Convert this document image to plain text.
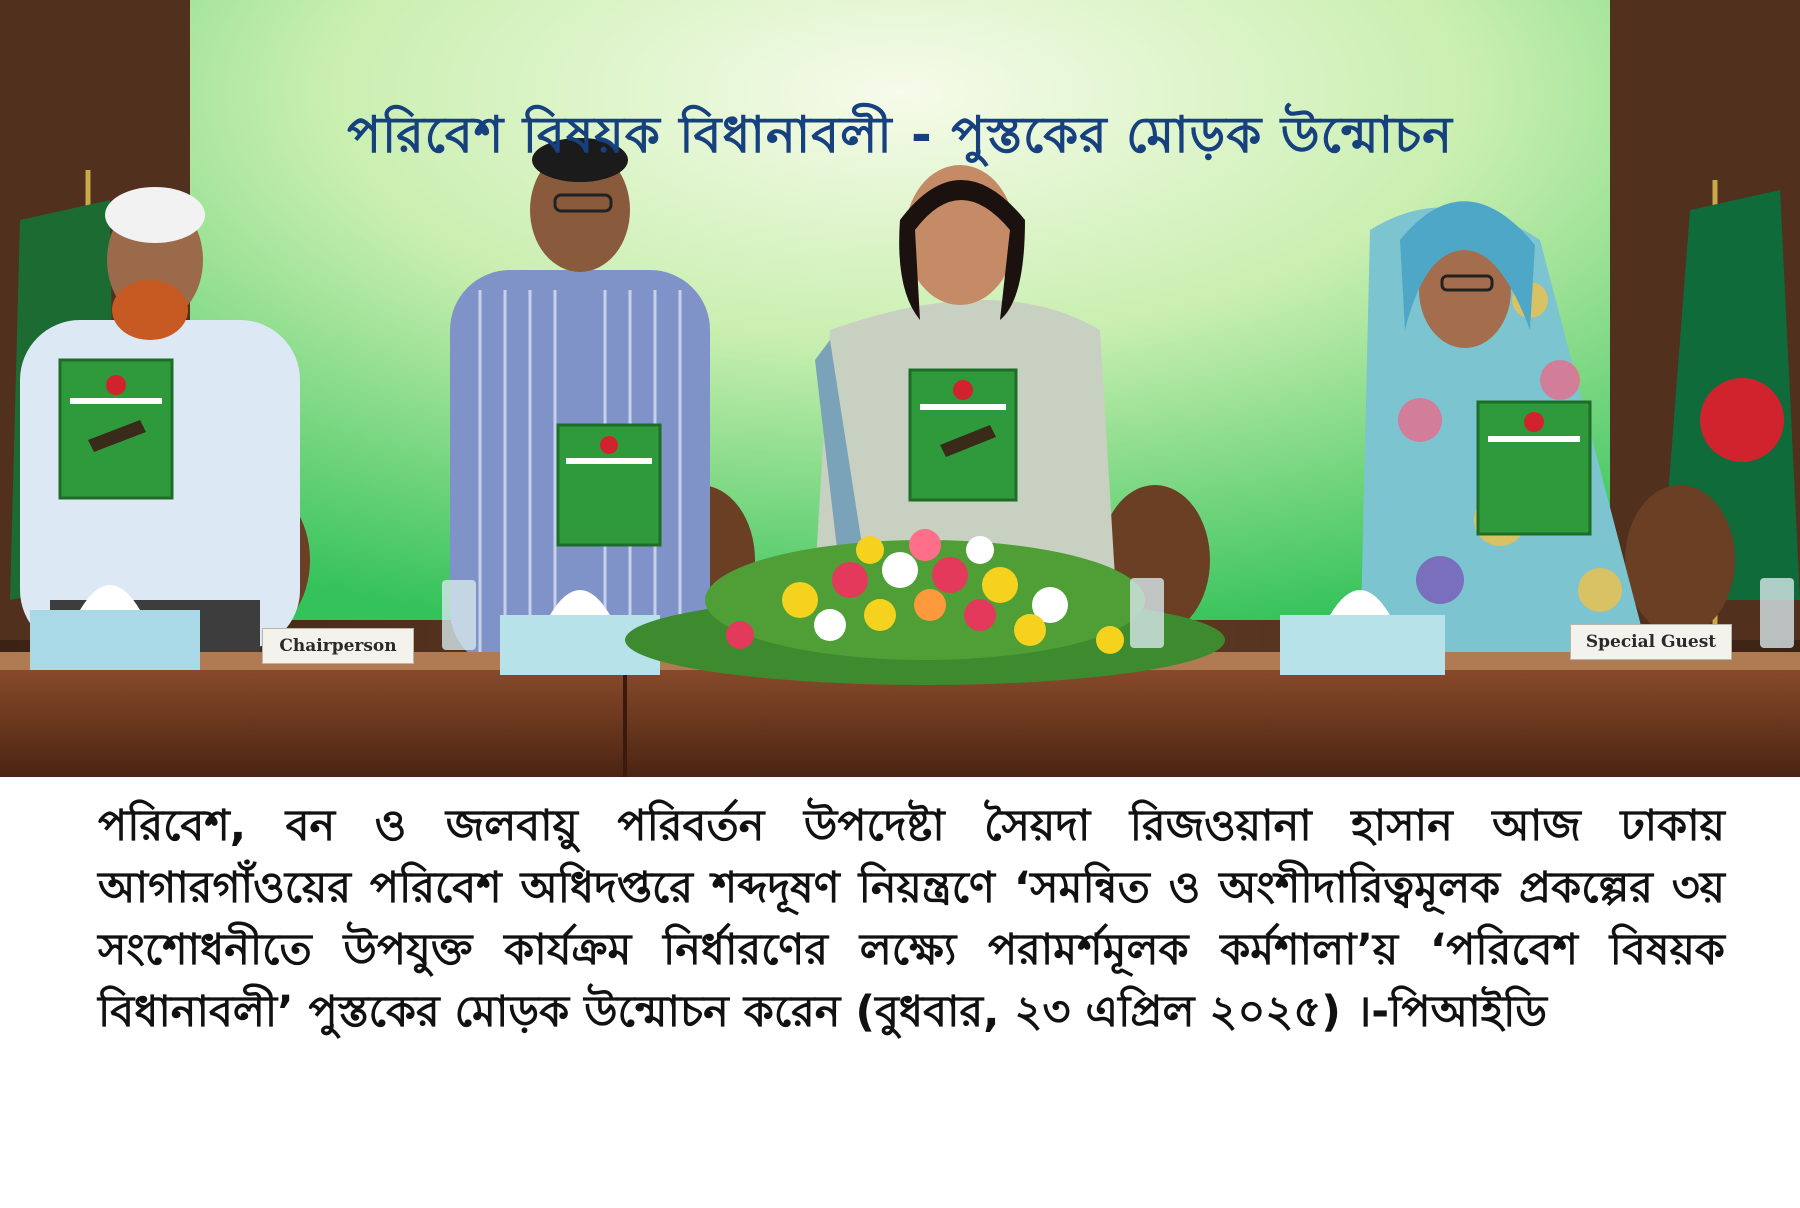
পরিবেশ বিষয়ক বিধানাবলী - পুস্তকের মোড়ক উন্মোচন
Chairperson	Special Guest

পরিবেশ, বন ও জলবায়ু পরিবর্তন উপদেষ্টা সৈয়দা রিজওয়ানা হাসান আজ ঢাকায় আগারগাঁওয়ের পরিবেশ অধিদপ্তরে শব্দদূষণ নিয়ন্ত্রণে ‘সমন্বিত ও অংশীদারিত্বমূলক প্রকল্পের ৩য় সংশোধনীতে উপযুক্ত কার্যক্রম নির্ধারণের লক্ষ্যে পরামর্শমূলক কর্মশালা’য় ‘পরিবেশ বিষয়ক বিধানাবলী’ পুস্তকের মোড়ক উন্মোচন করেন (বুধবার, ২৩ এপ্রিল ২০২৫) ।-পিআইডি
